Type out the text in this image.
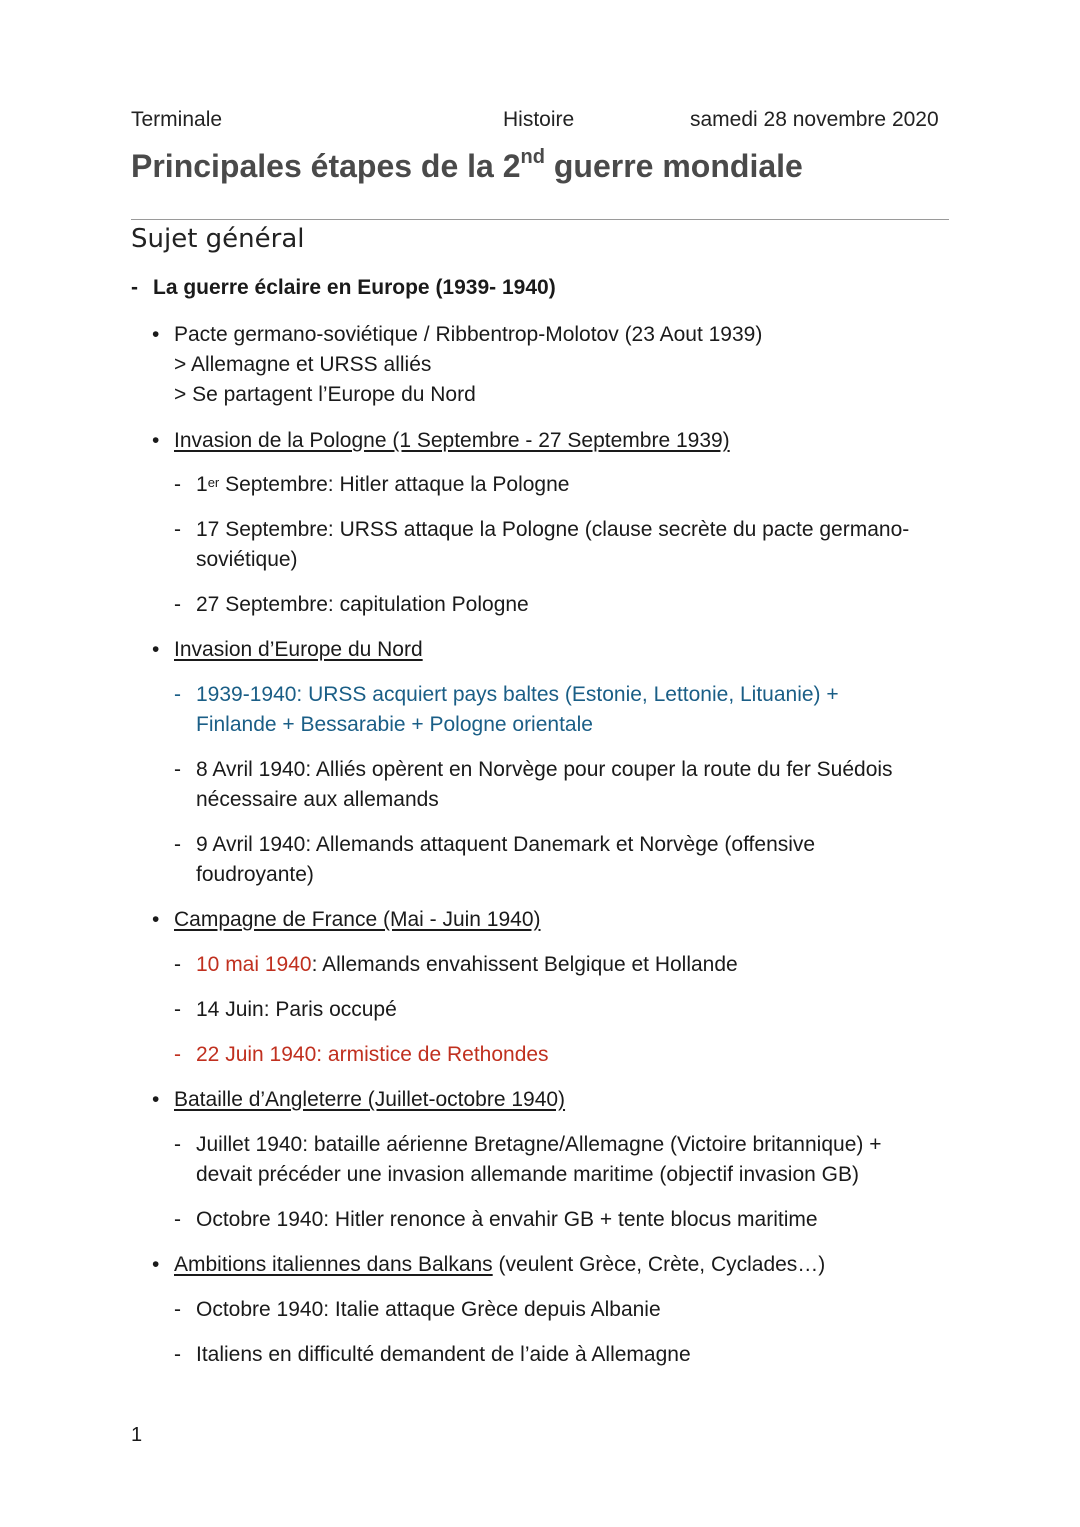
Terminale	Histoire	samedi 28 novembre 2020
Principales étapes de la 2nd guerre mondiale
Sujet général
- La guerre éclaire en Europe (1939- 1940)
• Pacte germano-soviétique / Ribbentrop-Molotov (23 Aout 1939)
> Allemagne et URSS alliés
> Se partagent l’Europe du Nord
• Invasion de la Pologne (1 Septembre - 27 Septembre 1939)
- 1er Septembre: Hitler attaque la Pologne
- 17 Septembre: URSS attaque la Pologne (clause secrète du pacte germano-
soviétique)
- 27 Septembre: capitulation Pologne
• Invasion d’Europe du Nord
- 1939-1940: URSS acquiert pays baltes (Estonie, Lettonie, Lituanie) +
Finlande + Bessarabie + Pologne orientale
- 8 Avril 1940: Alliés opèrent en Norvège pour couper la route du fer Suédois
nécessaire aux allemands
- 9 Avril 1940: Allemands attaquent Danemark et Norvège (offensive
foudroyante)
• Campagne de France (Mai - Juin 1940)
- 10 mai 1940: Allemands envahissent Belgique et Hollande
- 14 Juin: Paris occupé
- 22 Juin 1940: armistice de Rethondes
• Bataille d’Angleterre (Juillet-octobre 1940)
- Juillet 1940: bataille aérienne Bretagne/Allemagne (Victoire britannique) +
devait précéder une invasion allemande maritime (objectif invasion GB)
- Octobre 1940: Hitler renonce à envahir GB + tente blocus maritime
• Ambitions italiennes dans Balkans (veulent Grèce, Crète, Cyclades…)
- Octobre 1940: Italie attaque Grèce depuis Albanie
- Italiens en difficulté demandent de l’aide à Allemagne
1
